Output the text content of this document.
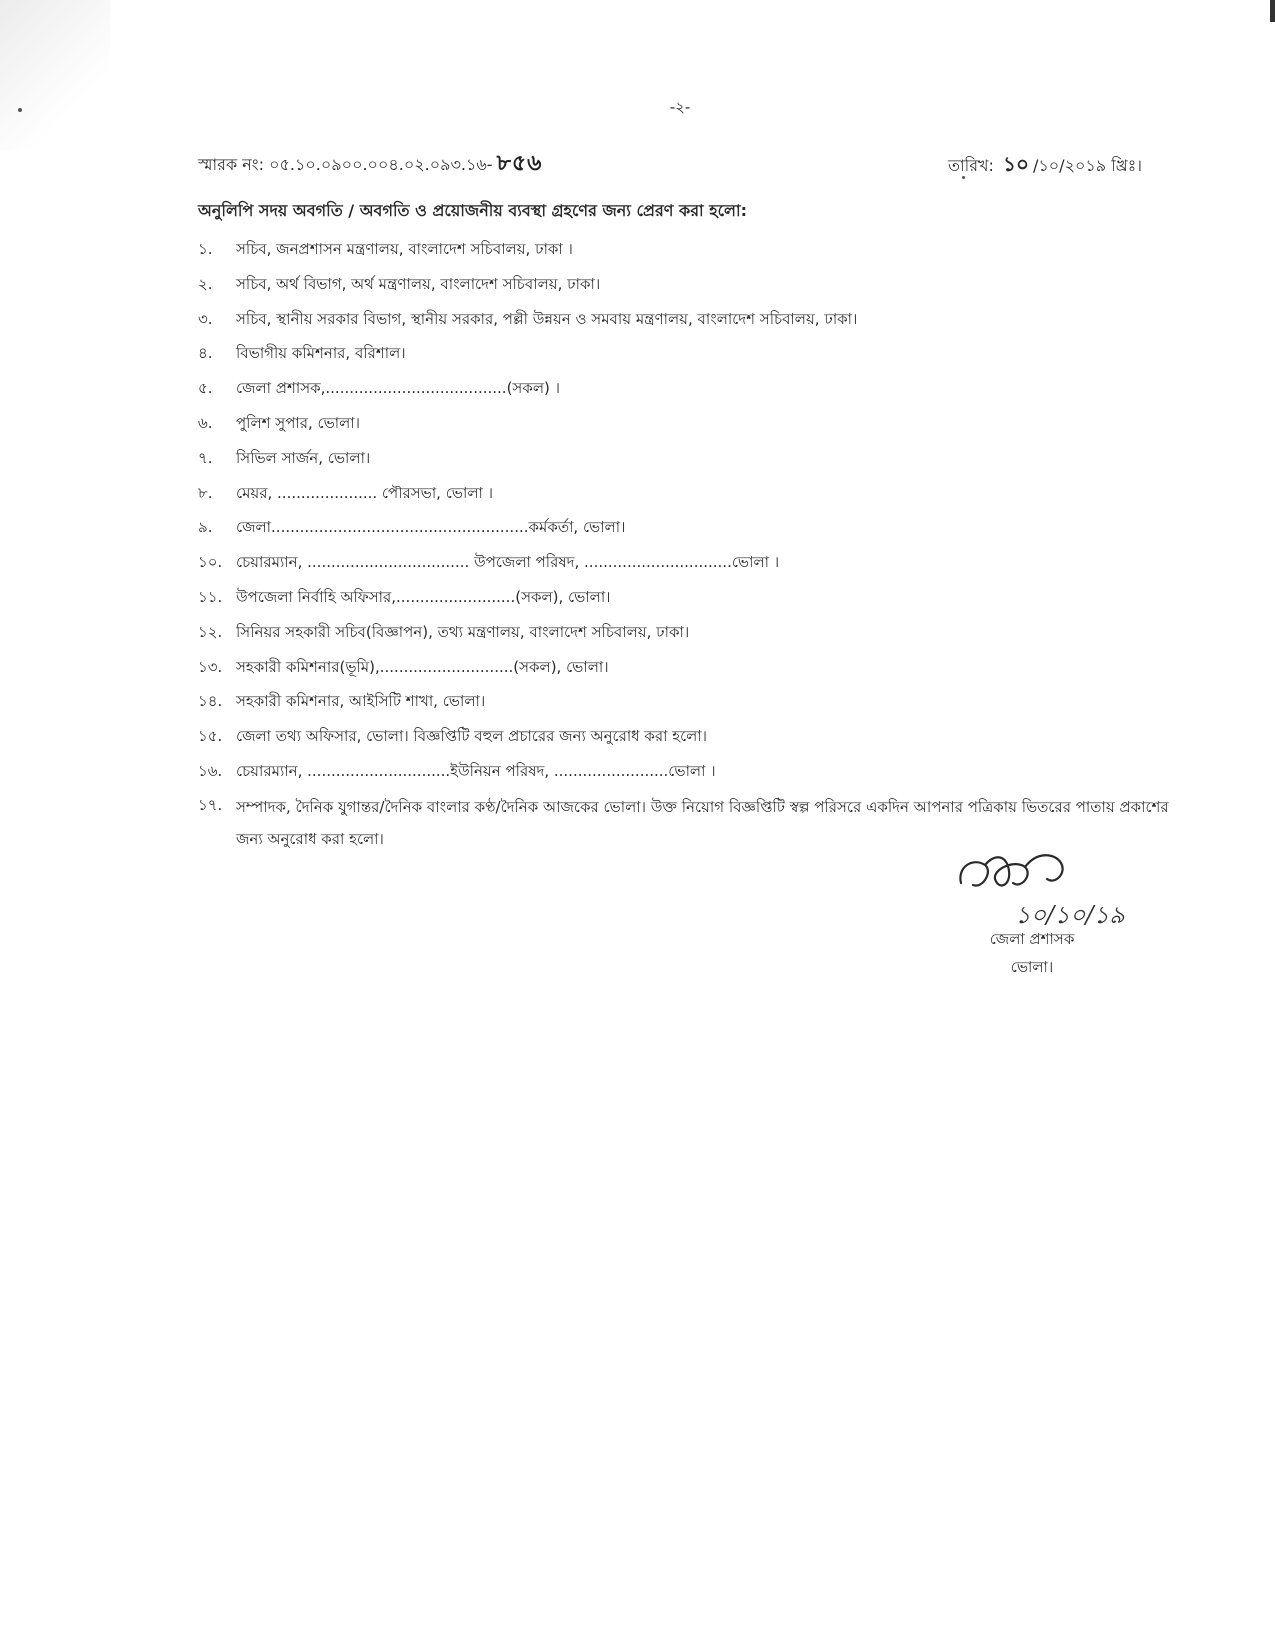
-২-
স্মারক নং: ০৫.১০.০৯০০.০০৪.০২.০৯৩.১৬- ৮৫৬	তারিখ: ১০ /১০/২০১৯ খ্রিঃ।
অনুলিপি সদয় অবগতি / অবগতি ও প্রয়োজনীয় ব্যবস্থা গ্রহণের জন্য প্রেরণ করা হলো:
১. সচিব, জনপ্রশাসন মন্ত্রণালয়, বাংলাদেশ সচিবালয়, ঢাকা ।
২. সচিব, অর্থ বিভাগ, অর্থ মন্ত্রণালয়, বাংলাদেশ সচিবালয়, ঢাকা।
৩. সচিব, স্থানীয় সরকার বিভাগ, স্থানীয় সরকার, পল্লী উন্নয়ন ও সমবায় মন্ত্রণালয়, বাংলাদেশ সচিবালয়, ঢাকা।
৪. বিভাগীয় কমিশনার, বরিশাল।
৫. জেলা প্রশাসক,......................................(সকল) ।
৬. পুলিশ সুপার, ভোলা।
৭. সিভিল সার্জন, ভোলা।
৮. মেয়র, ..................... পৌরসভা, ভোলা ।
৯. জেলা......................................................কর্মকর্তা, ভোলা।
১০. চেয়ারম্যান, .................................. উপজেলা পরিষদ, ...............................ভোলা ।
১১. উপজেলা নির্বাহি অফিসার,.........................(সকল), ভোলা।
১২. সিনিয়র সহকারী সচিব(বিজ্ঞাপন), তথ্য মন্ত্রণালয়, বাংলাদেশ সচিবালয়, ঢাকা।
১৩. সহকারী কমিশনার(ভূমি),............................(সকল), ভোলা।
১৪. সহকারী কমিশনার, আইসিটি শাখা, ভোলা।
১৫. জেলা তথ্য অফিসার, ভোলা। বিজ্ঞপ্তিটি বহুল প্রচারের জন্য অনুরোধ করা হলো।
১৬. চেয়ারম্যান, ..............................ইউনিয়ন পরিষদ, ........................ভোলা ।
১৭. সম্পাদক, দৈনিক যুগান্তর/দৈনিক বাংলার কণ্ঠ/দৈনিক আজকের ভোলা। উক্ত নিয়োগ বিজ্ঞপ্তিটি স্বল্প পরিসরে একদিন আপনার পত্রিকায় ভিতরের পাতায় প্রকাশের জন্য অনুরোধ করা হলো।
১০/১০/১৯
জেলা প্রশাসক
ভোলা।
